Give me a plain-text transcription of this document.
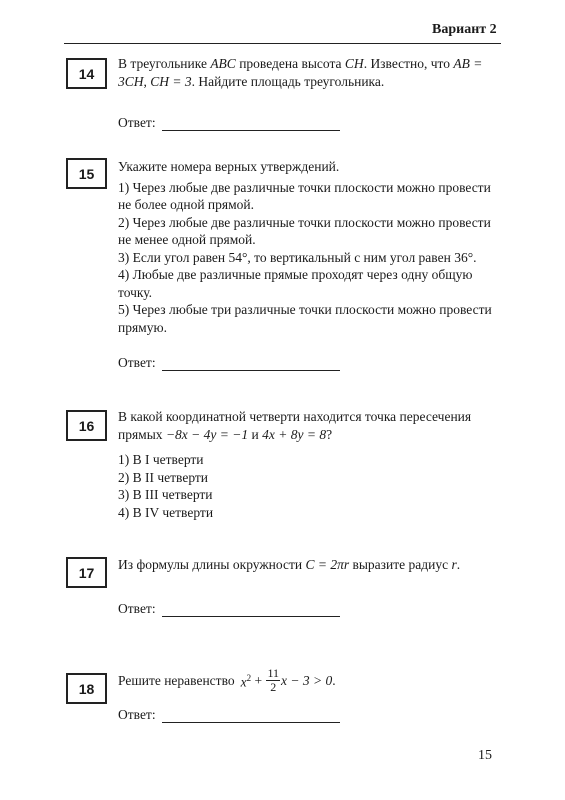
Вариант 2
14

В треугольнике ABC проведена высота CH. Известно, что AB = 3CH, CH = 3. Найдите площадь треугольника.

Ответ:
15	Укажите номера верных утверждений.

1) Через любые две различные точки плоскости можно провести не более одной прямой.
2) Через любые две различные точки плоскости можно провести не менее одной прямой.
3) Если угол равен 54°, то вертикальный с ним угол равен 36°.
4) Любые две различные прямые проходят через одну общую точку.
5) Через любые три различные точки плоскости можно провести прямую.
Ответ:
16

В какой координатной четверти находится точка пересечения прямых −8x − 4y = −1 и 4x + 8y = 8?

1) В I четверти
2) В II четверти
3) В III четверти
4) В IV четверти
17	Из формулы длины окружности C = 2πr выразите радиус r.

Ответ:
18

Решите неравенство $x^2 + \frac{11}{2}$ x − 3 > 0 .

Ответ:
15
